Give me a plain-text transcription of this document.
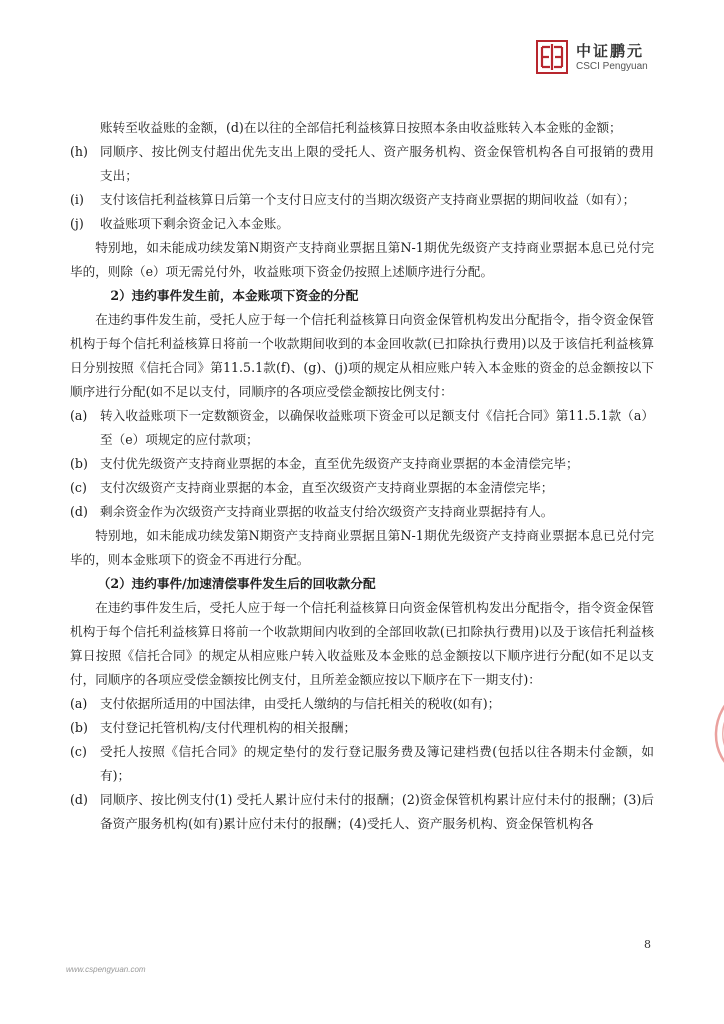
中证鹏元
CSCI Pengyuan

账转至收益账的金额，(d)在以往的全部信托利益核算日按照本条由收益账转入本金账的金额；

(h) 同顺序、按比例支付超出优先支出上限的受托人、资产服务机构、资金保管机构各自可报销的费用支出；
(i)	支付该信托利益核算日后第一个支付日应支付的当期次级资产支持商业票据的期间收益（如有）；
(j)	收益账项下剩余资金记入本金账。

特别地，如未能成功续发第N期资产支持商业票据且第N-1期优先级资产支持商业票据本息已兑付完毕的，则除（e）项无需兑付外，收益账项下资金仍按照上述顺序进行分配。

2）违约事件发生前，本金账项下资金的分配

在违约事件发生前，受托人应于每一个信托利益核算日向资金保管机构发出分配指令，指令资金保管机构于每个信托利益核算日将前一个收款期间收到的本金回收款(已扣除执行费用)以及于该信托利益核算日分别按照《信托合同》第11.5.1款(f)、(g)、(j)项的规定从相应账户转入本金账的资金的总金额按以下顺序进行分配(如不足以支付，同顺序的各项应受偿金额按比例支付：

(a)	转入收益账项下一定数额资金，以确保收益账项下资金可以足额支付《信托合同》第11.5.1款（a）至（e）项规定的应付款项；
(b) 支付优先级资产支持商业票据的本金，直至优先级资产支持商业票据的本金清偿完毕；
(c)	支付次级资产支持商业票据的本金，直至次级资产支持商业票据的本金清偿完毕；
(d) 剩余资金作为次级资产支持商业票据的收益支付给次级资产支持商业票据持有人。

特别地，如未能成功续发第N期资产支持商业票据且第N-1期优先级资产支持商业票据本息已兑付完毕的，则本金账项下的资金不再进行分配。

（2）违约事件/加速清偿事件发生后的回收款分配

在违约事件发生后，受托人应于每一个信托利益核算日向资金保管机构发出分配指令，指令资金保管机构于每个信托利益核算日将前一个收款期间内收到的全部回收款(已扣除执行费用)以及于该信托利益核算日按照《信托合同》的规定从相应账户转入收益账及本金账的总金额按以下顺序进行分配(如不足以支付，同顺序的各项应受偿金额按比例支付，且所差金额应按以下顺序在下一期支付)：

(a)	支付依据所适用的中国法律，由受托人缴纳的与信托相关的税收(如有)；
(b) 支付登记托管机构/支付代理机构的相关报酬；
(c)	受托人按照《信托合同》的规定垫付的发行登记服务费及簿记建档费(包括以往各期未付金额，如有)；
(d) 同顺序、按比例支付(1) 受托人累计应付未付的报酬；(2)资金保管机构累计应付未付的报酬；(3)后备资产服务机构(如有)累计应付未付的报酬；(4)受托人、资产服务机构、资金保管机构各
8
www.cspengyuan.com
